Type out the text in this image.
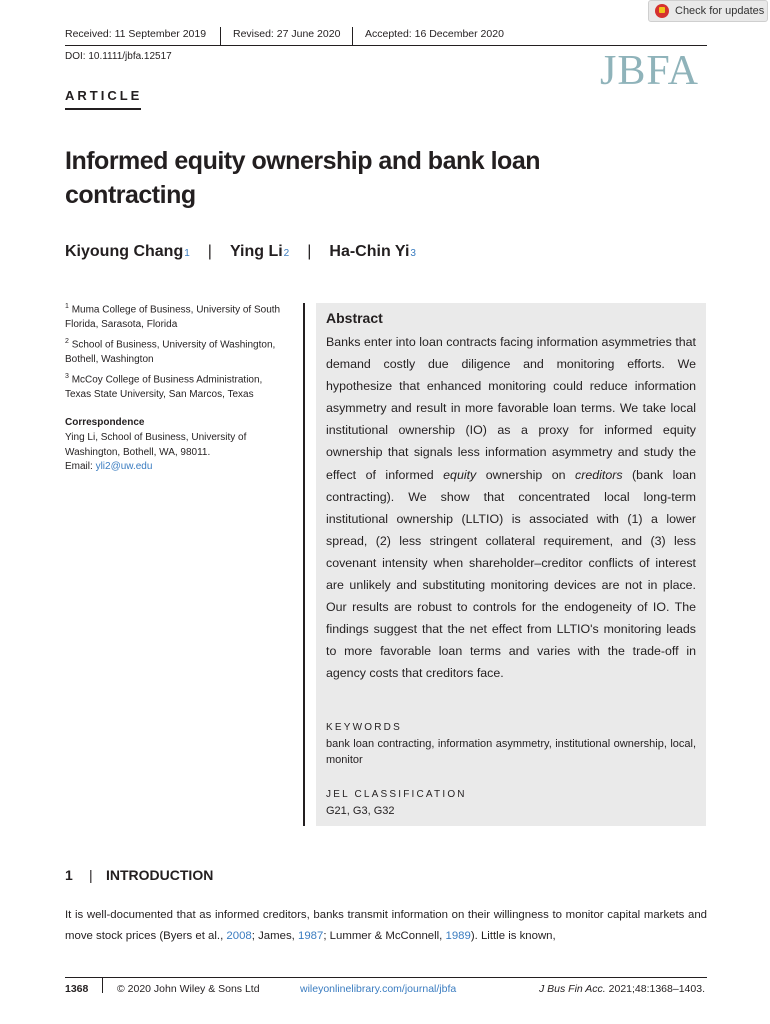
Check for updates
Received: 11 September 2019	Revised: 27 June 2020 Accepted: 16 December 2020
DOI: 10.1111/jbfa.12517	JBFA
ARTICLE
Informed equity ownership and bank loan contracting
Kiyoung Chang 1 | Ying Li 2 | Ha-Chin Yi 3
$^1$ Muma College of Business, University of South Florida, Sarasota, Florida
$^2$ School of Business, University of Washington, Bothell, Washington
$^3$ McCoy College of Business Administration, Texas State University, San Marcos, Texas
Correspondence
Ying Li, School of Business, University of Washington, Bothell, WA, 98011.
Email: yli2@uw.edu
Abstract
Banks enter into loan contracts facing information asymmetries that demand costly due diligence and monitoring efforts. We hypothesize that enhanced monitoring could reduce information asymmetry and result in more favorable loan terms. We take local institutional ownership (IO) as a proxy for informed equity ownership that signals less information asymmetry and study the effect of informed equity ownership on creditors (bank loan contracting). We show that concentrated local long-term institutional ownership (LLTIO) is associated with (1) a lower spread, (2) less stringent collateral requirement, and (3) less covenant intensity when shareholder–creditor conflicts of interest are unlikely and substituting monitoring devices are not in place. Our results are robust to controls for the endogeneity of IO. The findings suggest that the net effect from LLTIO's monitoring leads to more favorable loan terms and varies with the trade-off in agency costs that creditors face.
KEYWORDS
bank loan contracting, information asymmetry, institutional ownership, local, monitor
JEL CLASSIFICATION
G21, G3, G32
1 | INTRODUCTION
It is well-documented that as informed creditors, banks transmit information on their willingness to monitor capital markets and move stock prices (Byers et al., 2008; James, 1987; Lummer & McConnell, 1989). Little is known,
1368	© 2020 John Wiley & Sons Ltd	wileyonlinelibrary.com/journal/jbfa	J Bus Fin Acc. 2021;48:1368–1403.
